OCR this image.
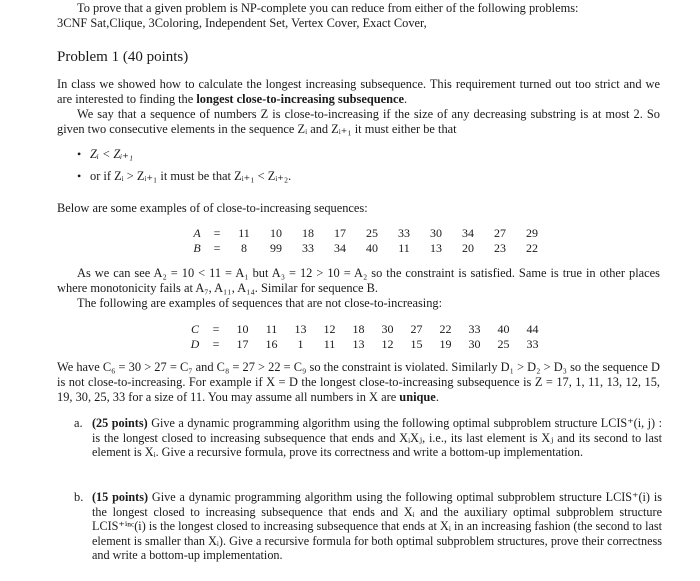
To prove that a given problem is NP-complete you can reduce from either of the following problems:
3CNF Sat,Clique, 3Coloring, Independent Set, Vertex Cover, Exact Cover,
Problem 1 (40 points)
In class we showed how to calculate the longest increasing subsequence. This requirement turned out too strict and we are interested to finding the longest close-to-increasing subsequence.
We say that a sequence of numbers Z is close-to-increasing if the size of any decreasing substring is at most 2. So given two consecutive elements in the sequence Zᵢ and Zᵢ₊₁ it must either be that
• Zᵢ < Zᵢ₊₁
• or if Zᵢ > Zᵢ₊₁ it must be that Zᵢ₊₁ < Zᵢ₊₂.
Below are some examples of of close-to-increasing sequences:
A	=	11	10	18	17	25	33	30	34	27	29
B	=	8	99	33	34	40	11	13	20	23	22
As we can see A₂ = 10 < 11 = A₁ but A₃ = 12 > 10 = A₂ so the constraint is satisfied. Same is true in other places where monotonicity fails at A₇, A₁₁, A₁₄. Similar for sequence B.
The following are examples of sequences that are not close-to-increasing:
C	=	10	11	13	12	18	30	27	22	33	40	44
D	=	17	16	1	11	13	12	15	19	30	25	33
We have C₆ = 30 > 27 = C₇ and C₈ = 27 > 22 = C₉ so the constraint is violated. Similarly D₁ > D₂ > D₃ so the sequence D is not close-to-increasing. For example if X = D the longest close-to-increasing subsequence is Z = 17, 1, 11, 13, 12, 15, 19, 30, 25, 33 for a size of 11. You may assume all numbers in X are unique.
a. (25 points) Give a dynamic programming algorithm using the following optimal subproblem structure LCIS⁺(i, j) : is the longest closed to increasing subsequence that ends and XᵢXⱼ, i.e., its last element is Xⱼ and its second to last element is Xᵢ. Give a recursive formula, prove its correctness and write a bottom-up implementation.
b. (15 points) Give a dynamic programming algorithm using the following optimal subproblem structure LCIS⁺(i) is the longest closed to increasing subsequence that ends and Xᵢ and the auxiliary optimal subproblem structure LCIS⁺ⁱⁿᶜ(i) is the longest closed to increasing subsequence that ends at Xᵢ in an increasing fashion (the second to last element is smaller than Xᵢ). Give a recursive formula for both optimal subproblem structures, prove their correctness and write a bottom-up implementation.
